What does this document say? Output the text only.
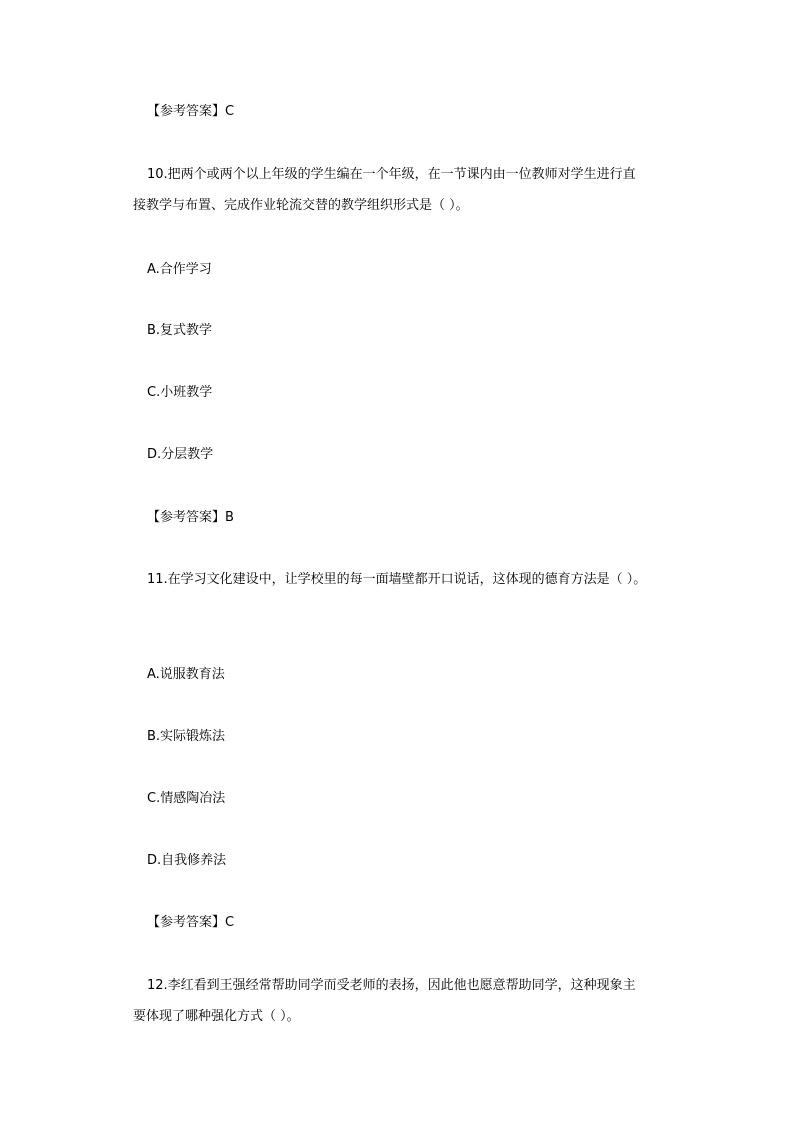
【参考答案】C

10.把两个或两个以上年级的学生编在一个年级，在一节课内由一位教师对学生进行直

接教学与布置、完成作业轮流交替的教学组织形式是（ ）。

A.合作学习

B.复式教学

C.小班教学

D.分层教学

【参考答案】B

11.在学习文化建设中，让学校里的每一面墙壁都开口说话，这体现的德育方法是（ ）。

A.说服教育法

B.实际锻炼法

C.情感陶冶法

D.自我修养法

【参考答案】C

12.李红看到王强经常帮助同学而受老师的表扬，因此他也愿意帮助同学，这种现象主

要体现了哪种强化方式（ ）。
